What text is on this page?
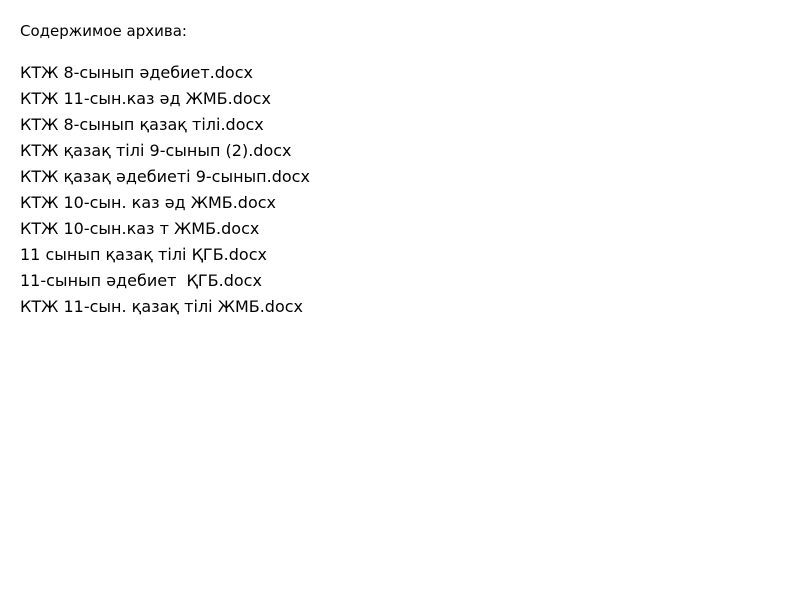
Содержимое архива:
КТЖ 8-сынып әдебиет.docx
КТЖ 11-сын.каз әд ЖМБ.docx
КТЖ 8-сынып қазақ тілі.docx
КТЖ қазақ тілі 9-сынып (2).docx
КТЖ қазақ әдебиеті 9-сынып.docx
КТЖ 10-сын. каз әд ЖМБ.docx
КТЖ 10-сын.каз т ЖМБ.docx
11 сынып қазақ тілі ҚГБ.docx
11-сынып әдебиет  ҚГБ.docx
КТЖ 11-сын. қазақ тілі ЖМБ.docx
